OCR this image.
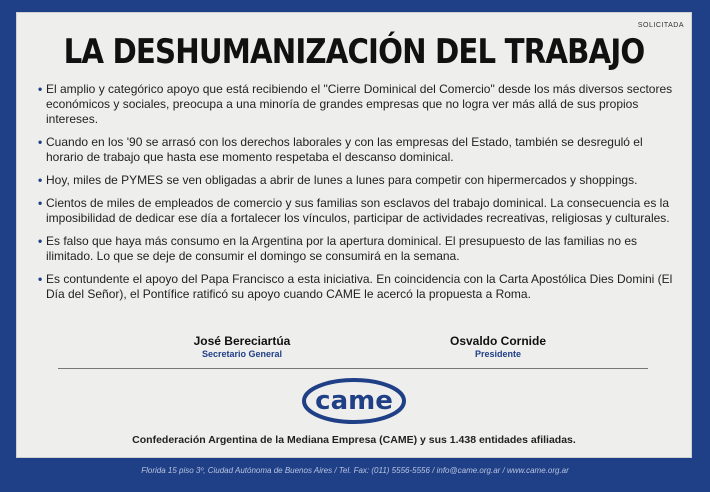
SOLICITADA
LA DESHUMANIZACIÓN DEL TRABAJO
• El amplio y categórico apoyo que está recibiendo el "Cierre Dominical del Comercio" desde los más diversos sectores económicos y sociales, preocupa a una minoría de grandes empresas que no logra ver más allá de sus propios intereses.
• Cuando en los '90 se arrasó con los derechos laborales y con las empresas del Estado, también se desreguló el horario de trabajo que hasta ese momento respetaba el descanso dominical.
• Hoy, miles de PYMES se ven obligadas a abrir de lunes a lunes para competir con hipermercados y shoppings.
• Cientos de miles de empleados de comercio y sus familias son esclavos del trabajo dominical. La consecuencia es la imposibilidad de dedicar ese día a fortalecer los vínculos, participar de actividades recreativas, religiosas y culturales.
• Es falso que haya más consumo en la Argentina por la apertura dominical. El presupuesto de las familias no es ilimitado. Lo que se deje de consumir el domingo se consumirá en la semana.
• Es contundente el apoyo del Papa Francisco a esta iniciativa. En coincidencia con la Carta Apostólica Dies Domini (El Día del Señor), el Pontífice ratificó su apoyo cuando CAME le acercó la propuesta a Roma.
José Bereciartúa
Secretario General
Osvaldo Cornide
Presidente
came
Confederación Argentina de la Mediana Empresa (CAME) y sus 1.438 entidades afiliadas.
Florida 15 piso 3º, Ciudad Autónoma de Buenos Aires / Tel. Fax: (011) 5556-5556 / info@came.org.ar / www.came.org.ar
